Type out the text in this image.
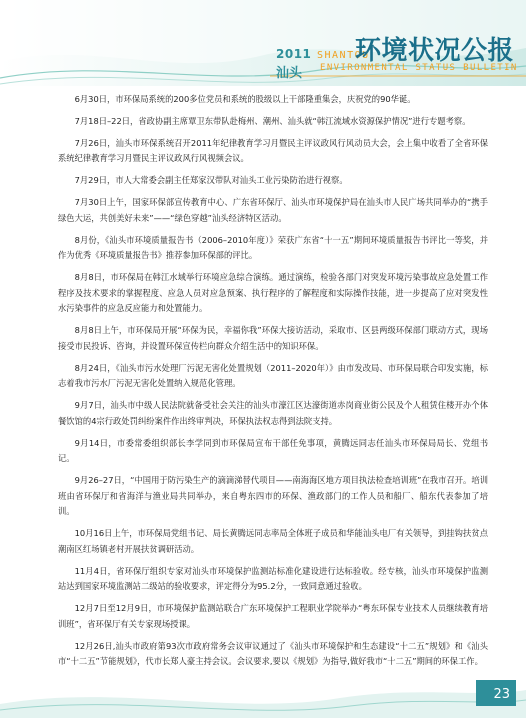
2011
汕头
SHANTOU
ENVIRONMENTAL STATUS BULLETIN
环境状况公报

6月30日，市环保局系统的200多位党员和系统的股级以上干部隆重集会，庆祝党的90华诞。

7月18日–22日，省政协副主席覃卫东带队赴梅州、潮州、汕头就“韩江流域水资源保护情况”进行专题考察。

7月26日，汕头市环保系统召开2011年纪律教育学习月暨民主评议政风行风动员大会，会上集中收看了全省环保系统纪律教育学习月暨民主评议政风行风视频会议。

7月29日，市人大常委会副主任郑家汉带队对汕头工业污染防治进行视察。

7月30日上午，国家环保部宣传教育中心、广东省环保厅、汕头市环境保护局在汕头市人民广场共同举办的“携手绿色大运，共创美好未来”——“绿色穿越”汕头经济特区活动。

8月份，《汕头市环境质量报告书（2006–2010年度）》荣获广东省“十一五”期间环境质量报告书评比一等奖，并作为优秀《环境质量报告书》推荐参加环保部的评比。

8月8日，市环保局在韩江水域举行环境应急综合演练。通过演练，检验各部门对突发环境污染事故应急处置工作程序及技术要求的掌握程度、应急人员对应急预案、执行程序的了解程度和实际操作技能，进一步提高了应对突发性水污染事件的应急反应能力和处置能力。

8月8日上午，市环保局开展“环保为民，幸福你我”环保大接访活动，采取市、区县两级环保部门联动方式，现场接受市民投诉、咨询，并设置环保宣传栏向群众介绍生活中的知识环保。

8月24日，《汕头市污水处理厂污泥无害化处置规划（2011–2020年）》由市发改局、市环保局联合印发实施，标志着我市污水厂污泥无害化处置纳入规范化管理。

9月7日，汕头市中级人民法院就备受社会关注的汕头市濠江区达濠街道赤岗商业街公民及个人租赁住楼开办个体餐饮馆的4宗行政处罚纠纷案件作出终审判决，环保执法权志得到法院支持。

9月14日，市委常委组织部长李学同到市环保局宣布干部任免事项，黄腾远同志任汕头市环保局局长、党组书记。

9月26–27日，“中国用于防污染生产的滴滴涕替代项目——南海海区地方项目执法检查培训班”在我市召开。培训班由省环保厅和省海洋与渔业局共同举办，来自粤东四市的环保、渔政部门的工作人员和船厂、船东代表参加了培训。

10月16日上午，市环保局党组书记、局长黄腾远同志率局全体班子成员和华能汕头电厂有关领导，到挂钩扶贫点潮南区红场镇老村开展扶贫调研活动。

11月4日，省环保厅组织专家对汕头市环境保护监测站标准化建设进行达标验收。经专核，汕头市环境保护监测站达到国家环境监测站二级站的验收要求，评定得分为95.2分，一致同意通过验收。

12月7日至12月9日，市环境保护监测站联合广东环境保护工程职业学院举办“粤东环保专业技术人员继续教育培训班”，省环保厅有关专家现场授课。

12月26日,汕头市政府第93次市政府常务会议审议通过了《汕头市环境保护和生态建设“十二五”规划》和《汕头市“十二五”节能规划》，代市长郑人豪主持会议。会议要求,要以《规划》为指导,做好我市“十二五”期间的环保工作。

23
